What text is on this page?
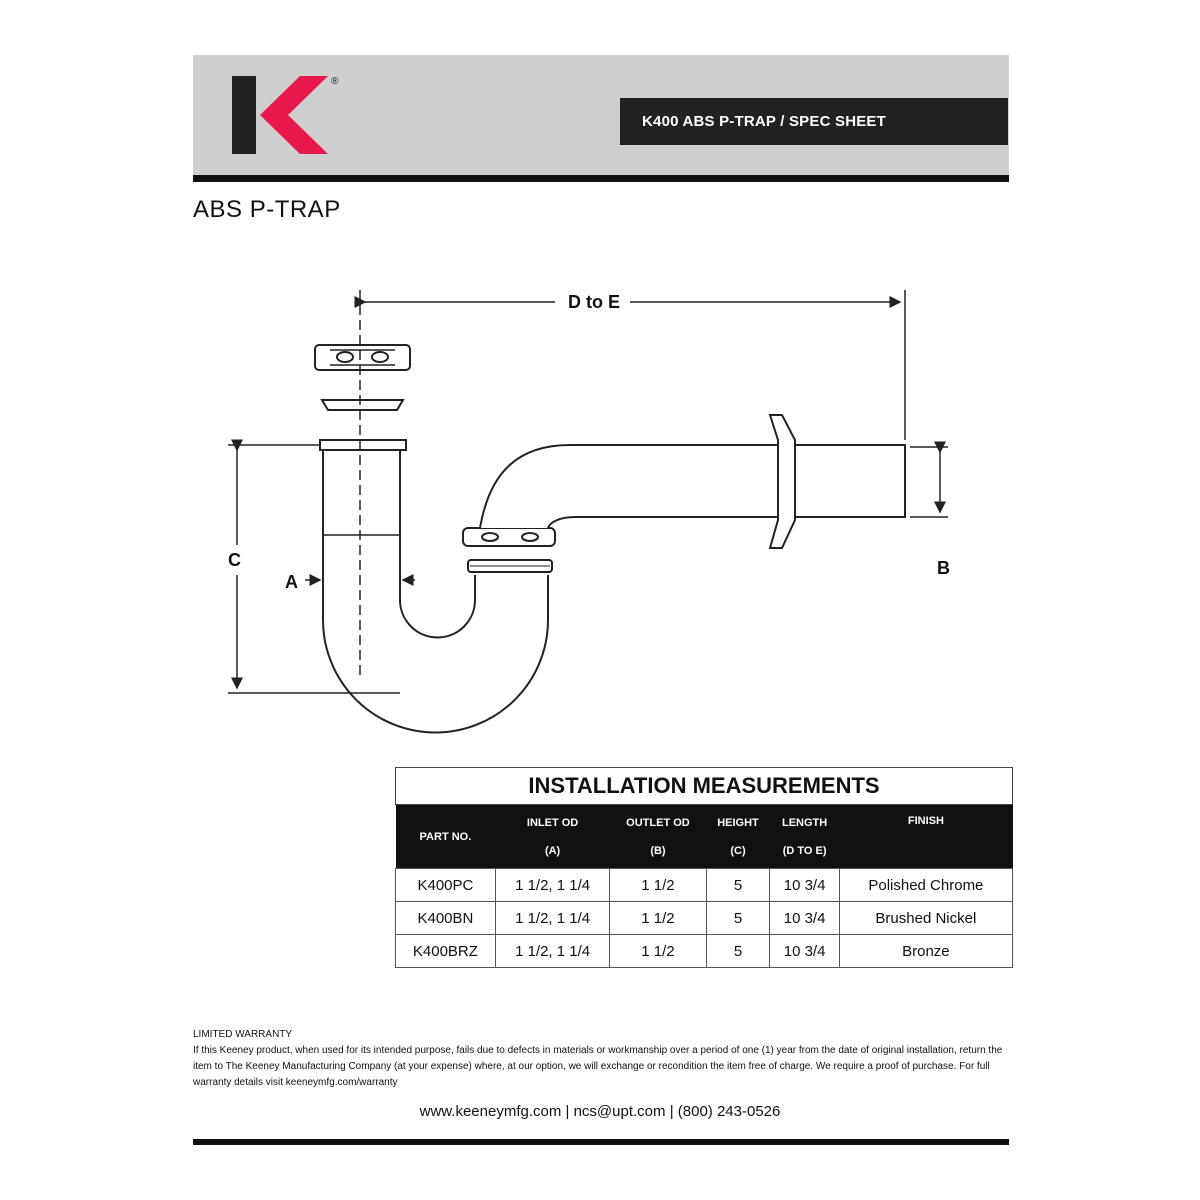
®
K400 ABS P-TRAP / SPEC SHEET
ABS P-TRAP
D to E
A
B
C
INSTALLATION MEASUREMENTS
PART NO.	INLET OD
(A)	OUTLET OD
(B)	HEIGHT
(C)	LENGTH
(D TO E)	FINISH
K400PC	1 1/2, 1 1/4	1 1/2	5	10 3/4	Polished Chrome
K400BN	1 1/2, 1 1/4	1 1/2	5	10 3/4	Brushed Nickel
K400BRZ	1 1/2, 1 1/4	1 1/2	5	10 3/4	Bronze
LIMITED WARRANTY
If this Keeney product, when used for its intended purpose, fails due to defects in materials or workmanship over a period of one (1) year from the date of original installation, return the item to The Keeney Manufacturing Company (at your expense) where, at our option, we will exchange or recondition the item free of charge. We require a proof of purchase. For full warranty details visit keeneymfg.com/warranty
www.keeneymfg.com | ncs@upt.com | (800) 243-0526
